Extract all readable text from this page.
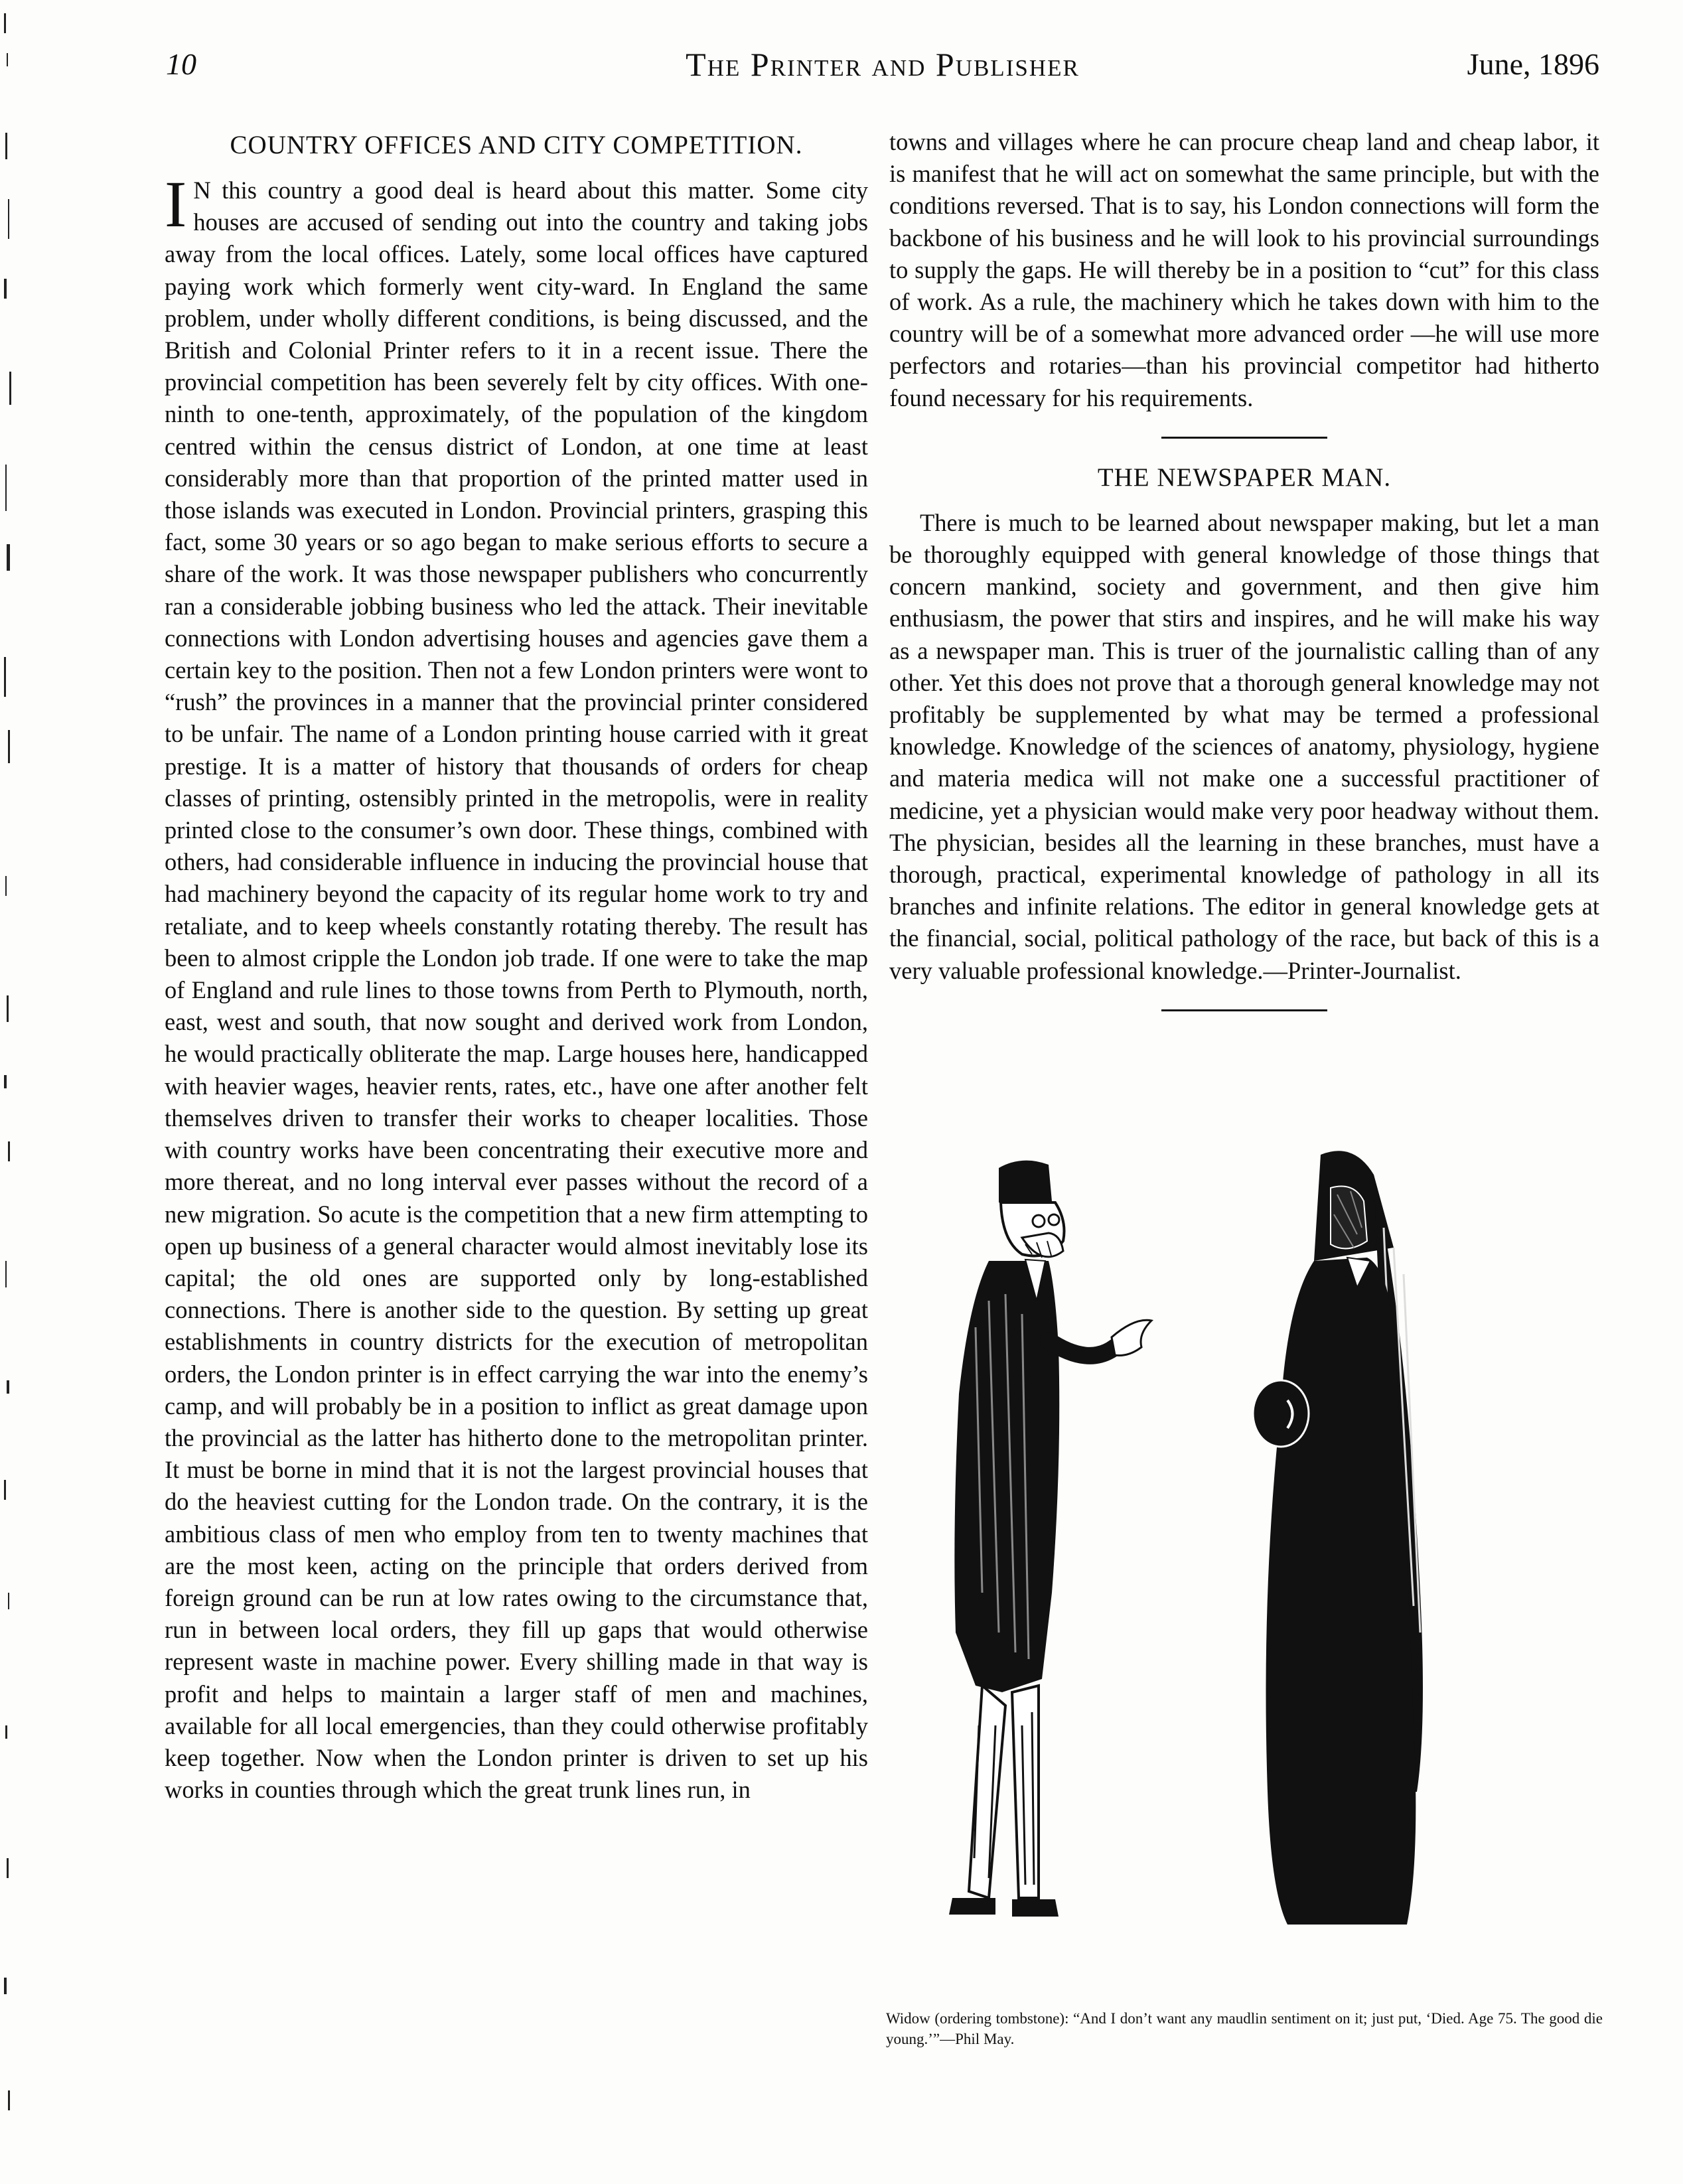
10	The Printer and Publisher	June, 1896
COUNTRY OFFICES AND CITY COMPETITION.

I N this country a good deal is heard about this matter. Some city houses are accused of sending out into the country and taking jobs away from the local offices. Lately, some local offices have captured paying work which formerly went city-ward. In England the same problem, under wholly different conditions, is being discussed, and the British and Colonial Printer refers to it in a recent issue. There the provincial competition has been severely felt by city offices. With one-ninth to one-tenth, approximately, of the population of the kingdom centred within the census district of London, at one time at least considerably more than that proportion of the printed matter used in those islands was executed in London. Provincial printers, grasping this fact, some 30 years or so ago began to make serious efforts to secure a share of the work. It was those newspaper publishers who concurrently ran a considerable jobbing business who led the attack. Their inevitable connections with London advertising houses and agencies gave them a certain key to the position. Then not a few London printers were wont to “rush” the provinces in a manner that the provincial printer considered to be unfair. The name of a London printing house carried with it great prestige. It is a matter of history that thousands of orders for cheap classes of printing, ostensibly printed in the metropolis, were in reality printed close to the consumer’s own door. These things, combined with others, had considerable influence in inducing the provincial house that had machinery beyond the capacity of its regular home work to try and retaliate, and to keep wheels constantly rotating thereby. The result has been to almost cripple the London job trade. If one were to take the map of England and rule lines to those towns from Perth to Plymouth, north, east, west and south, that now sought and derived work from London, he would practically obliterate the map. Large houses here, handicapped with heavier wages, heavier rents, rates, etc., have one after another felt themselves driven to transfer their works to cheaper localities. Those with country works have been concentrating their executive more and more thereat, and no long interval ever passes without the record of a new migration. So acute is the competition that a new firm attempting to open up business of a general character would almost inevitably lose its capital; the old ones are supported only by long-established connections. There is another side to the question. By setting up great establishments in country districts for the execution of metropolitan orders, the London printer is in effect carrying the war into the enemy’s camp, and will probably be in a position to inflict as great damage upon the provincial as the latter has hitherto done to the metropolitan printer. It must be borne in mind that it is not the largest provincial houses that do the heaviest cutting for the London trade. On the contrary, it is the ambitious class of men who employ from ten to twenty machines that are the most keen, acting on the principle that orders derived from foreign ground can be run at low rates owing to the circumstance that, run in between local orders, they fill up gaps that would otherwise represent waste in machine power. Every shilling made in that way is profit and helps to maintain a larger staff of men and machines, available for all local emergencies, than they could otherwise profitably keep together. Now when the London printer is driven to set up his works in counties through which the great trunk lines run, in

towns and villages where he can procure cheap land and cheap labor, it is manifest that he will act on somewhat the same principle, but with the conditions reversed. That is to say, his London connections will form the backbone of his business and he will look to his provincial surroundings to supply the gaps. He will thereby be in a position to “cut” for this class of work. As a rule, the machinery which he takes down with him to the country will be of a somewhat more advanced order —he will use more perfectors and rotaries—than his provincial competitor had hitherto found necessary for his requirements.

THE NEWSPAPER MAN.

There is much to be learned about newspaper making, but let a man be thoroughly equipped with general knowledge of those things that concern mankind, society and government, and then give him enthusiasm, the power that stirs and inspires, and he will make his way as a newspaper man. This is truer of the journalistic calling than of any other. Yet this does not prove that a thorough general knowledge may not profitably be supplemented by what may be termed a professional knowledge. Knowledge of the sciences of anatomy, physiology, hygiene and materia medica will not make one a successful practitioner of medicine, yet a physician would make very poor headway without them. The physician, besides all the learning in these branches, must have a thorough, practical, experimental knowledge of pathology in all its branches and infinite relations. The editor in general knowledge gets at the financial, social, political pathology of the race, but back of this is a very valuable professional knowledge.—Printer-Journalist.

Widow (ordering tombstone): “And I don’t want any maudlin sentiment on it; just put, ‘Died. Age 75. The good die young.’”—Phil May.
